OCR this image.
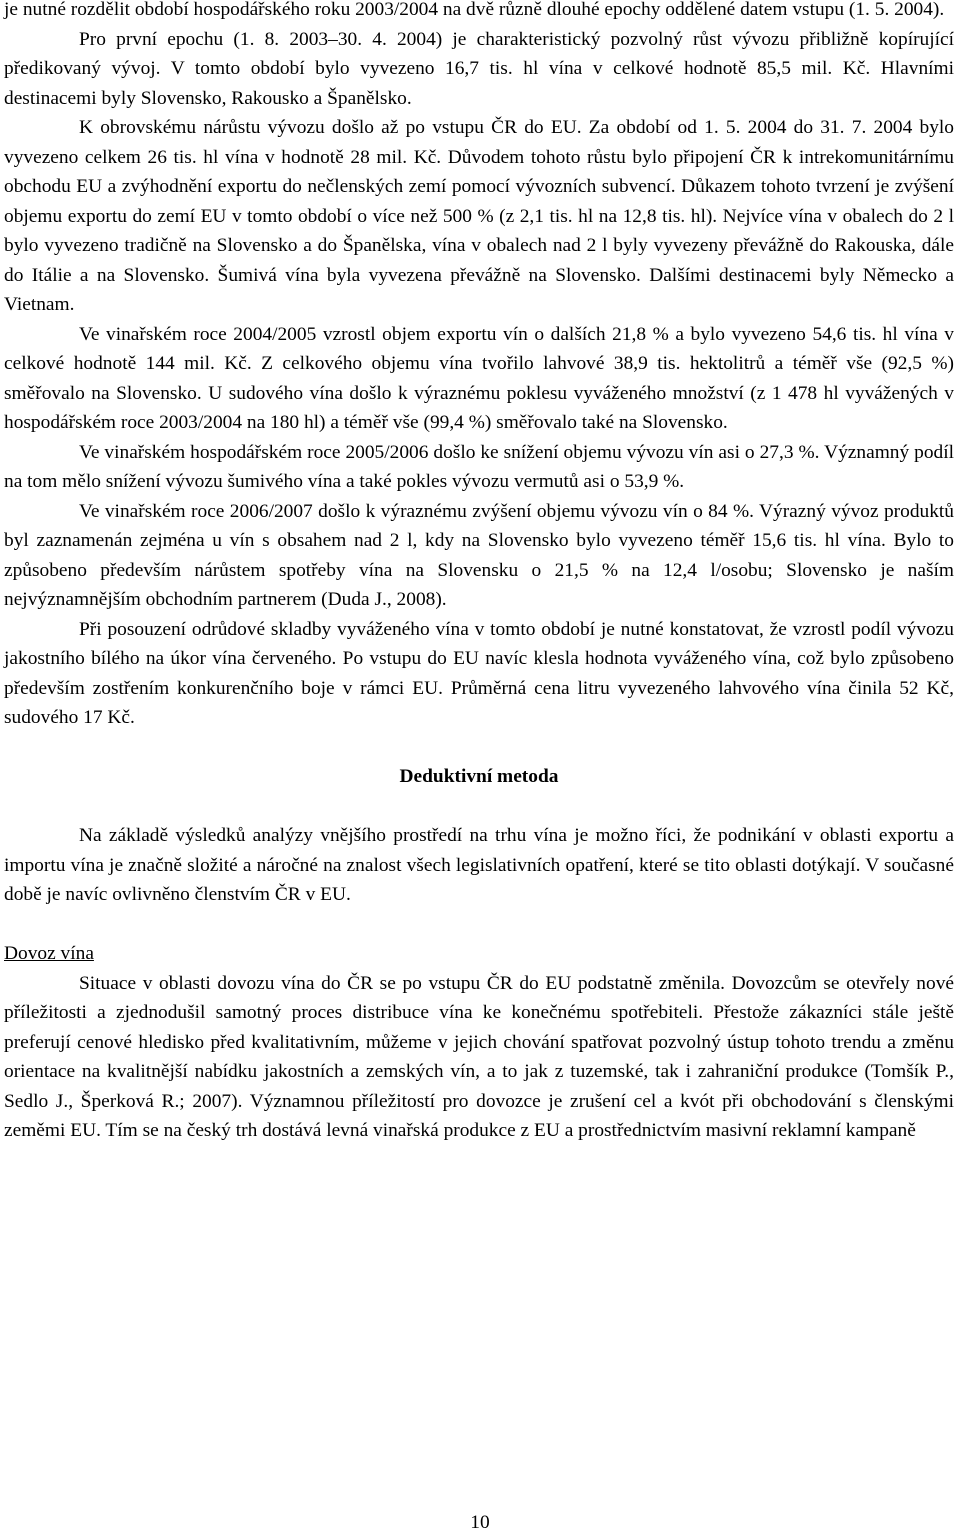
je nutné rozdělit období hospodářského roku 2003/2004 na dvě různě dlouhé epochy oddělené datem vstupu (1. 5. 2004).

Pro první epochu (1. 8. 2003–30. 4. 2004) je charakteristický pozvolný růst vývozu přibližně kopírující předikovaný vývoj. V tomto období bylo vyvezeno 16,7 tis. hl vína v celkové hodnotě 85,5 mil. Kč. Hlavními destinacemi byly Slovensko, Rakousko a Španělsko.

K obrovskému nárůstu vývozu došlo až po vstupu ČR do EU. Za období od 1. 5. 2004 do 31. 7. 2004 bylo vyvezeno celkem 26 tis. hl vína v hodnotě 28 mil. Kč. Důvodem tohoto růstu bylo připojení ČR k intrekomunitárnímu obchodu EU a zvýhodnění exportu do nečlenských zemí pomocí vývozních subvencí. Důkazem tohoto tvrzení je zvýšení objemu exportu do zemí EU v tomto období o více než 500 % (z 2,1 tis. hl na 12,8 tis. hl). Nejvíce vína v obalech do 2 l bylo vyvezeno tradičně na Slovensko a do Španělska, vína v obalech nad 2 l byly vyvezeny převážně do Rakouska, dále do Itálie a na Slovensko. Šumivá vína byla vyvezena převážně na Slovensko. Dalšími destinacemi byly Německo a Vietnam.

Ve vinařském roce 2004/2005 vzrostl objem exportu vín o dalších 21,8 % a bylo vyvezeno 54,6 tis. hl vína v celkové hodnotě 144 mil. Kč. Z celkového objemu vína tvořilo lahvové 38,9 tis. hektolitrů a téměř vše (92,5 %) směřovalo na Slovensko. U sudového vína došlo k výraznému poklesu vyváženého množství (z 1 478 hl vyvážených v hospodářském roce 2003/2004 na 180 hl) a téměř vše (99,4 %) směřovalo také na Slovensko.

Ve vinařském hospodářském roce 2005/2006 došlo ke snížení objemu vývozu vín asi o 27,3 %. Významný podíl na tom mělo snížení vývozu šumivého vína a také pokles vývozu vermutů asi o 53,9 %.

Ve vinařském roce 2006/2007 došlo k výraznému zvýšení objemu vývozu vín o 84 %. Výrazný vývoz produktů byl zaznamenán zejména u vín s obsahem nad 2 l, kdy na Slovensko bylo vyvezeno téměř 15,6 tis. hl vína. Bylo to způsobeno především nárůstem spotřeby vína na Slovensku o 21,5 % na 12,4 l/osobu; Slovensko je naším nejvýznamnějším obchodním partnerem (Duda J., 2008).

Při posouzení odrůdové skladby vyváženého vína v tomto období je nutné konstatovat, že vzrostl podíl vývozu jakostního bílého na úkor vína červeného. Po vstupu do EU navíc klesla hodnota vyváženého vína, což bylo způsobeno především zostřením konkurenčního boje v rámci EU. Průměrná cena litru vyvezeného lahvového vína činila 52 Kč, sudového 17 Kč.

Deduktivní metoda

Na základě výsledků analýzy vnějšího prostředí na trhu vína je možno říci, že podnikání v oblasti exportu a importu vína je značně složité a náročné na znalost všech legislativních opatření, které se tito oblasti dotýkají. V současné době je navíc ovlivněno členstvím ČR v EU.

Dovoz vína

Situace v oblasti dovozu vína do ČR se po vstupu ČR do EU podstatně změnila. Dovozcům se otevřely nové příležitosti a zjednodušil samotný proces distribuce vína ke konečnému spotřebiteli. Přestože zákazníci stále ještě preferují cenové hledisko před kvalitativním, můžeme v jejich chování spatřovat pozvolný ústup tohoto trendu a změnu orientace na kvalitnější nabídku jakostních a zemských vín, a to jak z tuzemské, tak i zahraniční produkce (Tomšík P., Sedlo J., Šperková R.; 2007). Významnou příležitostí pro dovozce je zrušení cel a kvót při obchodování s členskými zeměmi EU. Tím se na český trh dostává levná vinařská produkce z EU a prostřednictvím masivní reklamní kampaně

10
